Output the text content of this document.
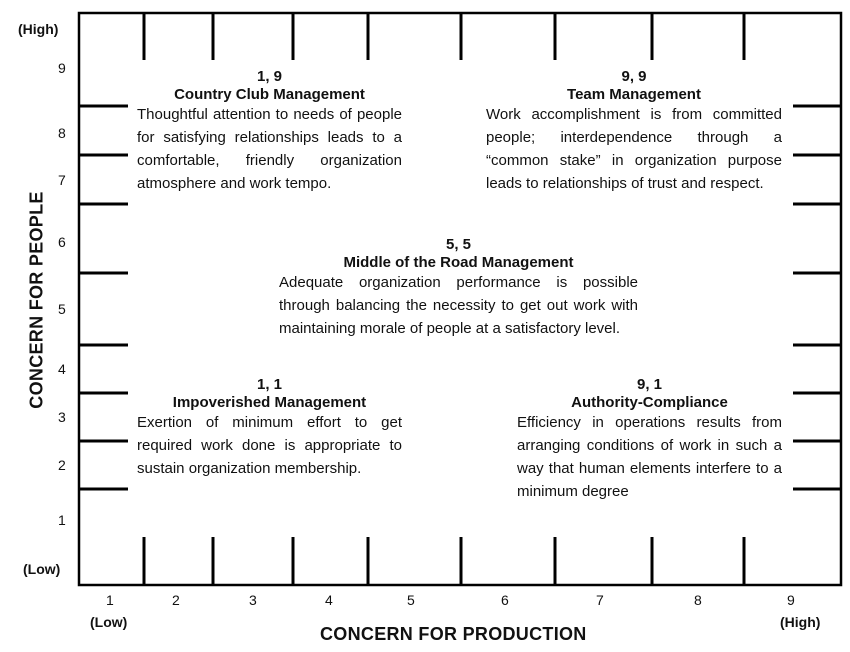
(High)
(Low)
9
8
7
6
5
4
3
2
1
CONCERN FOR PEOPLE
1	2	3	4	5	6	7	8	9
(Low)	(High)
CONCERN FOR PRODUCTION
1, 9
Country Club Management

Thoughtful attention to needs of people for satisfying relationships leads to a comfortable, friendly organization atmosphere and work tempo.

9, 9
Team Management

Work accomplishment is from committed people; interdependence through a “common stake” in organization purpose leads to relationships of trust and respect.

5, 5
Middle of the Road Management

Adequate organization performance is possible through balancing the necessity to get out work with maintaining morale of people at a satisfactory level.

1, 1
Impoverished Management

Exertion of minimum effort to get required work done is appropriate to sustain organization membership.

9, 1
Authority-Compliance

Efficiency in operations results from arranging conditions of work in such a way that human elements interfere to a minimum degree
